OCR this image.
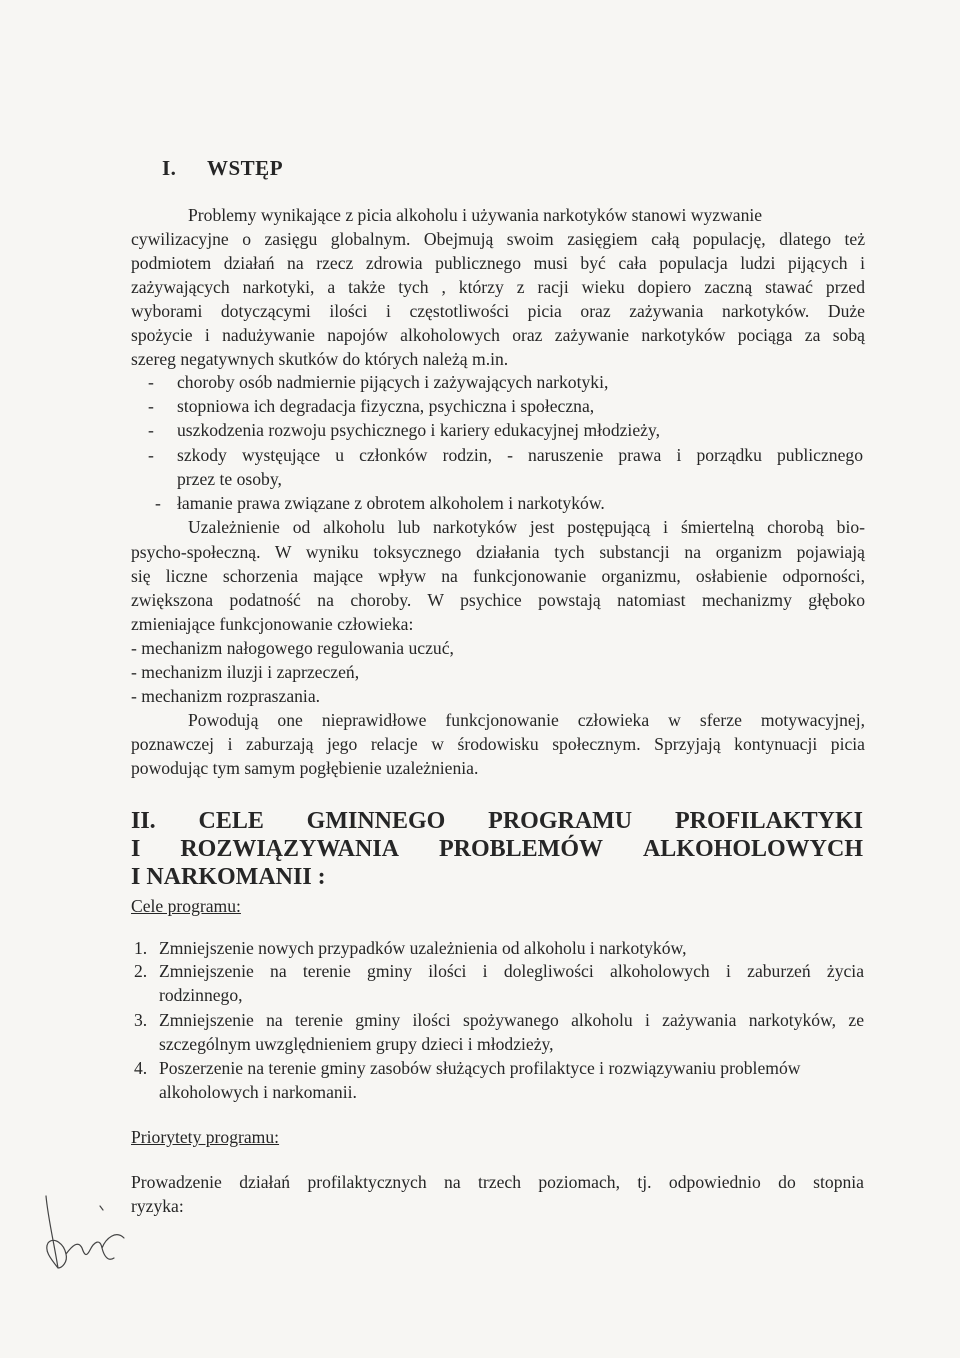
I. WSTĘP
Problemy wynikające z picia alkoholu i używania narkotyków stanowi wyzwanie
cywilizacyjne o zasięgu globalnym. Obejmują swoim zasięgiem całą populację, dlatego też
podmiotem działań na rzecz zdrowia publicznego musi być cała populacja ludzi pijących i
zażywających narkotyki, a także tych , którzy z racji wieku dopiero zaczną stawać przed
wyborami dotyczącymi ilości i częstotliwości picia oraz zażywania narkotyków. Duże
spożycie i nadużywanie napojów alkoholowych oraz zażywanie narkotyków pociąga za sobą
szereg negatywnych skutków do których należą m.in.
- choroby osób nadmiernie pijących i zażywających narkotyki,
- stopniowa ich degradacja fizyczna, psychiczna i społeczna,
- uszkodzenia rozwoju psychicznego i kariery edukacyjnej młodzieży,
- szkody wystęujące u członków rodzin, - naruszenie prawa i porządku publicznego
przez te osoby,
- łamanie prawa związane z obrotem alkoholem i narkotyków.
Uzależnienie od alkoholu lub narkotyków jest postępującą i śmiertelną chorobą bio-
psycho-społeczną. W wyniku toksycznego działania tych substancji na organizm pojawiają
się liczne schorzenia mające wpływ na funkcjonowanie organizmu, osłabienie odporności,
zwiększona podatność na choroby. W psychice powstają natomiast mechanizmy głęboko
zmieniające funkcjonowanie człowieka:
- mechanizm nałogowego regulowania uczuć,
- mechanizm iluzji i zaprzeczeń,
- mechanizm rozpraszania.
Powodują one nieprawidłowe funkcjonowanie człowieka w sferze motywacyjnej,
poznawczej i zaburzają jego relacje w środowisku społecznym. Sprzyjają kontynuacji picia
powodując tym samym pogłębienie uzależnienia.
II. CELE GMINNEGO PROGRAMU PROFILAKTYKI
I ROZWIĄZYWANIA PROBLEMÓW ALKOHOLOWYCH
I NARKOMANII :
Cele programu:
1. Zmniejszenie nowych przypadków uzależnienia od alkoholu i narkotyków,
2. Zmniejszenie na terenie gminy ilości i dolegliwości alkoholowych i zaburzeń życia
rodzinnego,
3. Zmniejszenie na terenie gminy ilości spożywanego alkoholu i zażywania narkotyków, ze
szczególnym uwzględnieniem grupy dzieci i młodzieży,
4. Poszerzenie na terenie gminy zasobów służących profilaktyce i rozwiązywaniu problemów
alkoholowych i narkomanii.
Priorytety programu:
Prowadzenie działań profilaktycznych na trzech poziomach, tj. odpowiednio do stopnia
ryzyka:
